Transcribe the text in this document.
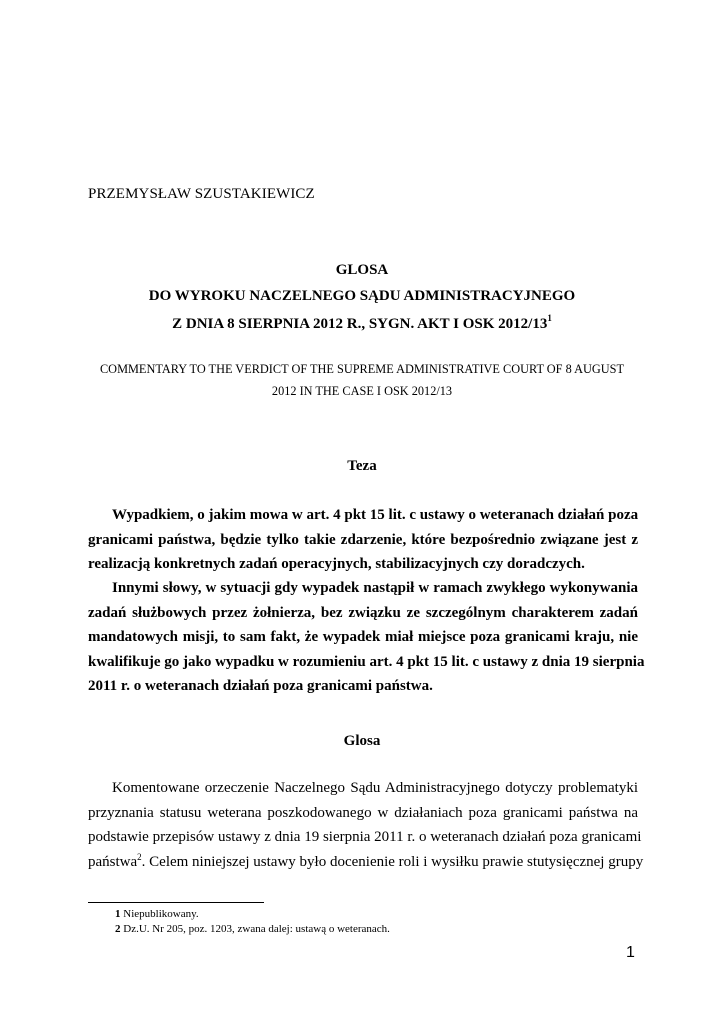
PRZEMYSŁAW SZUSTAKIEWICZ
GLOSA
DO WYROKU NACZELNEGO SĄDU ADMINISTRACYJNEGO
Z DNIA 8 SIERPNIA 2012 R., SYGN. AKT I OSK $2012/13^1$
COMMENTARY TO THE VERDICT OF THE SUPREME ADMINISTRATIVE COURT OF 8 AUGUST
2012 IN THE CASE I OSK 2012/13
Teza
Wypadkiem, o jakim mowa w art. 4 pkt 15 lit. c ustawy o weteranach działań poza
granicami państwa, będzie tylko takie zdarzenie, które bezpośrednio związane jest z
realizacją konkretnych zadań operacyjnych, stabilizacyjnych czy doradczych.
Innymi słowy, w sytuacji gdy wypadek nastąpił w ramach zwykłego wykonywania
zadań służbowych przez żołnierza, bez związku ze szczególnym charakterem zadań
mandatowych misji, to sam fakt, że wypadek miał miejsce poza granicami kraju, nie
kwalifikuje go jako wypadku w rozumieniu art. 4 pkt 15 lit. c ustawy z dnia 19 sierpnia
2011 r. o weteranach działań poza granicami państwa.
Glosa
Komentowane orzeczenie Naczelnego Sądu Administracyjnego dotyczy problematyki
przyznania statusu weterana poszkodowanego w działaniach poza granicami państwa na
podstawie przepisów ustawy z dnia 19 sierpnia 2011 r. o weteranach działań poza granicami
państwa$^2$. Celem niniejszej ustawy było docenienie roli i wysiłku prawie stutysięcznej grupy
1 Niepublikowany.
2 Dz.U. Nr 205, poz. 1203, zwana dalej: ustawą o weteranach.
1
